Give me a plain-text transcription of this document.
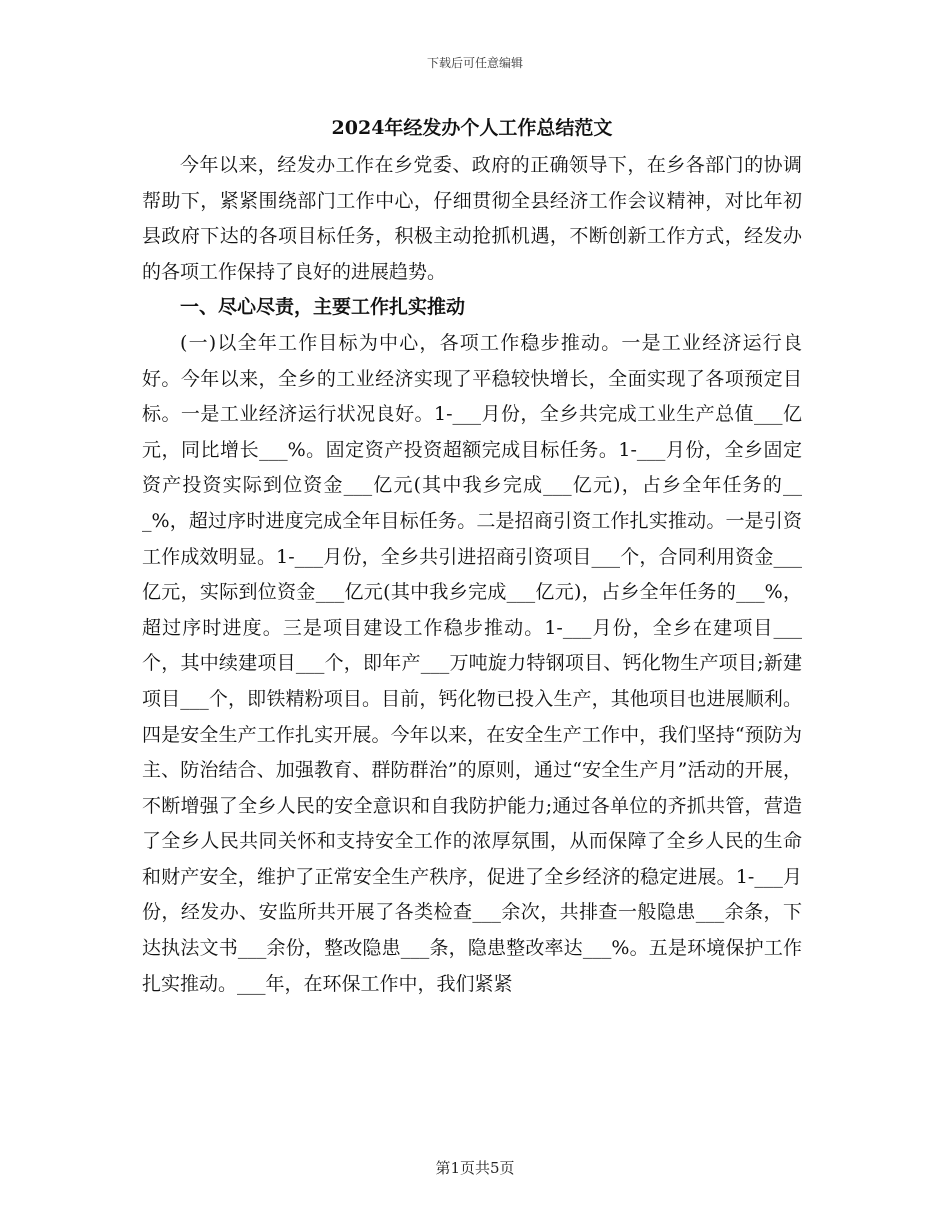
下载后可任意编辑
2024年经发办个人工作总结范文

今年以来，经发办工作在乡党委、政府的正确领导下，在乡各部门的协调帮助下，紧紧围绕部门工作中心，仔细贯彻全县经济工作会议精神，对比年初县政府下达的各项目标任务，积极主动抢抓机遇，不断创新工作方式，经发办的各项工作保持了良好的进展趋势。

一、尽心尽责，主要工作扎实推动

(一)以全年工作目标为中心，各项工作稳步推动。一是工业经济运行良好。今年以来，全乡的工业经济实现了平稳较快增长，全面实现了各项预定目标。一是工业经济运行状况良好。1-___月份，全乡共完成工业生产总值___亿元，同比增长___%。固定资产投资超额完成目标任务。1-___月份，全乡固定资产投资实际到位资金___亿元(其中我乡完成___亿元)，占乡全年任务的___%，超过序时进度完成全年目标任务。二是招商引资工作扎实推动。一是引资工作成效明显。1-___月份，全乡共引进招商引资项目___个，合同利用资金___亿元，实际到位资金___亿元(其中我乡完成___亿元)，占乡全年任务的___%，超过序时进度。三是项目建设工作稳步推动。1-___月份，全乡在建项目___个，其中续建项目___个，即年产___万吨旋力特钢项目、钙化物生产项目;新建项目___个，即铁精粉项目。目前，钙化物已投入生产，其他项目也进展顺利。四是安全生产工作扎实开展。今年以来，在安全生产工作中，我们坚持“预防为主、防治结合、加强教育、群防群治”的原则，通过“安全生产月”活动的开展，不断增强了全乡人民的安全意识和自我防护能力;通过各单位的齐抓共管，营造了全乡人民共同关怀和支持安全工作的浓厚氛围，从而保障了全乡人民的生命和财产安全，维护了正常安全生产秩序，促进了全乡经济的稳定进展。1-___月份，经发办、安监所共开展了各类检查___余次，共排查一般隐患___余条，下达执法文书___余份，整改隐患___条，隐患整改率达___%。五是环境保护工作扎实推动。___年，在环保工作中，我们紧紧

第1页共5页
